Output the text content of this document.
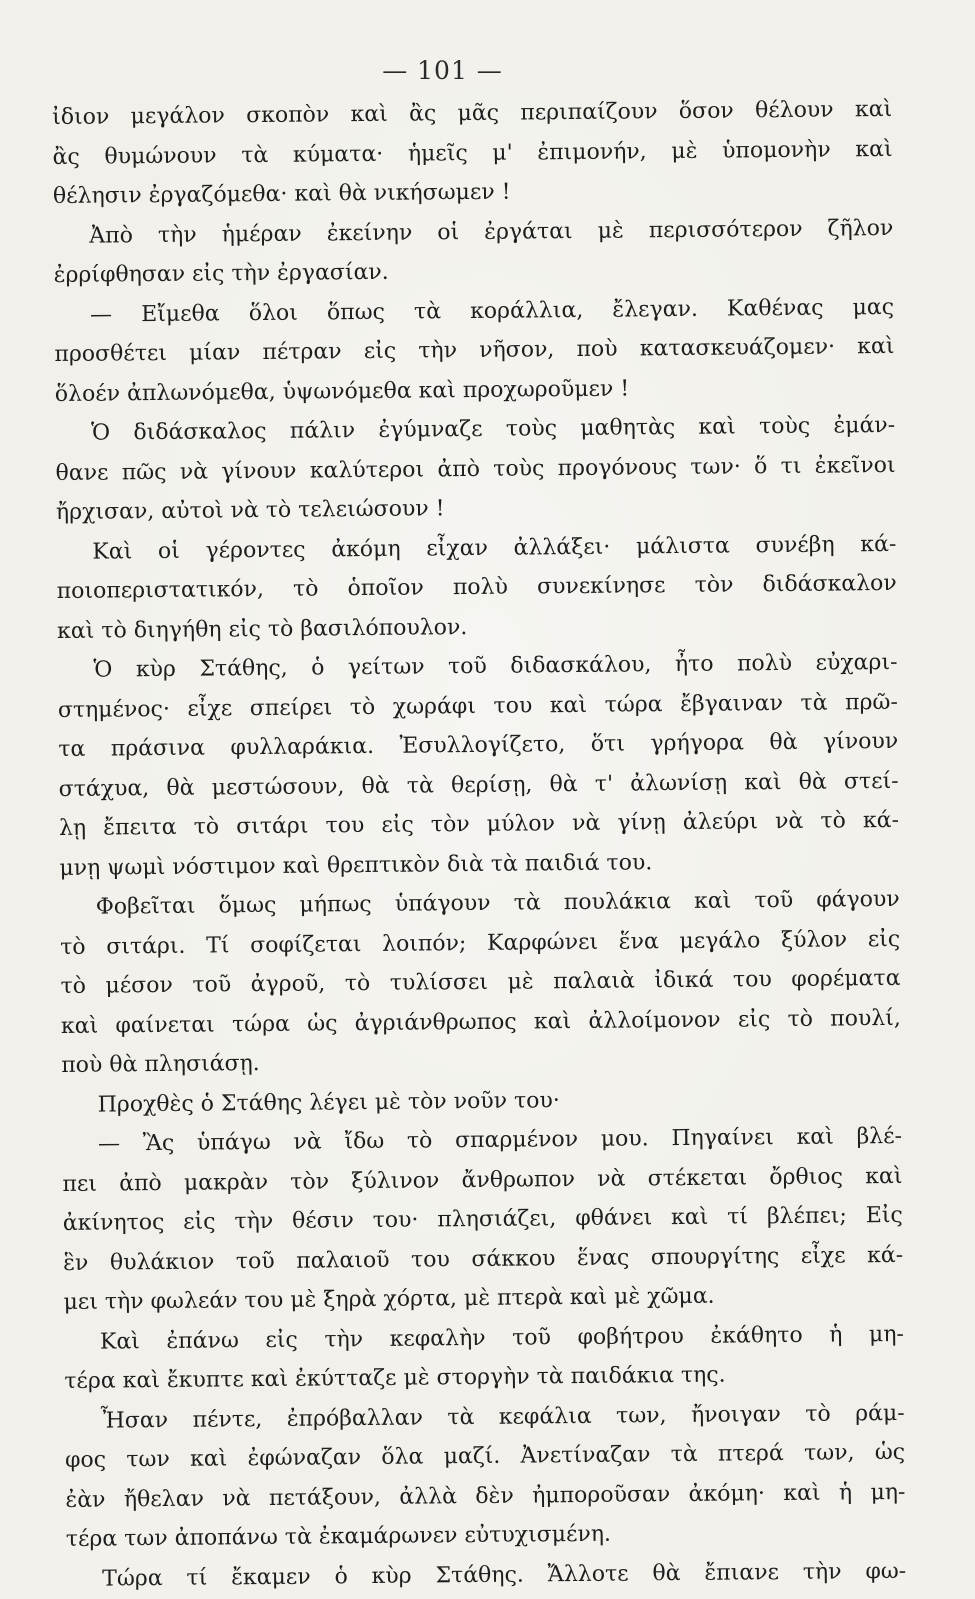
— 101 —
ἰδιον μεγάλον σκοπὸν καὶ ἂς μᾶς περιπαίζουν ὅσον θέλουν καὶ
ἂς θυμώνουν τὰ κύματα· ἡμεῖς μ' ἐπιμονήν, μὲ ὑπομονὴν καὶ
θέλησιν ἐργαζόμεθα· καὶ θὰ νικήσωμεν !
Ἀπὸ τὴν ἡμέραν ἐκείνην οἱ ἐργάται μὲ περισσότερον ζῆλον
ἐρρίφθησαν εἰς τὴν ἐργασίαν.
— Εἴμεθα ὅλοι ὅπως τὰ κοράλλια, ἔλεγαν. Καθένας μας
προσθέτει μίαν πέτραν εἰς τὴν νῆσον, ποὺ κατασκευάζομεν· καὶ
ὅλοέν ἀπλωνόμεθα, ὑψωνόμεθα καὶ προχωροῦμεν !
Ὁ διδάσκαλος πάλιν ἐγύμναζε τοὺς μαθητὰς καὶ τοὺς ἐμάν-
θανε πῶς νὰ γίνουν καλύτεροι ἀπὸ τοὺς προγόνους των· ὅ τι ἐκεῖνοι
ἤρχισαν, αὐτοὶ νὰ τὸ τελειώσουν !
Καὶ οἱ γέροντες ἀκόμη εἶχαν ἀλλάξει· μάλιστα συνέβη κά-
ποιοπεριστατικόν, τὸ ὁποῖον πολὺ συνεκίνησε τὸν διδάσκαλον
καὶ τὸ διηγήθη εἰς τὸ βασιλόπουλον.
Ὁ κὺρ Στάθης, ὁ γείτων τοῦ διδασκάλου, ἦτο πολὺ εὐχαρι-
στημένος· εἶχε σπείρει τὸ χωράφι του καὶ τώρα ἔβγαιναν τὰ πρῶ-
τα πράσινα φυλλαράκια. Ἐσυλλογίζετο, ὅτι γρήγορα θὰ γίνουν
στάχυα, θὰ μεστώσουν, θὰ τὰ θερίσῃ, θὰ τ' ἀλωνίσῃ καὶ θὰ στεί-
λῃ ἔπειτα τὸ σιτάρι του εἰς τὸν μύλον νὰ γίνῃ ἀλεύρι νὰ τὸ κά-
μνῃ ψωμὶ νόστιμον καὶ θρεπτικὸν διὰ τὰ παιδιά του.
Φοβεῖται ὅμως μήπως ὑπάγουν τὰ πουλάκια καὶ τοῦ φάγουν
τὸ σιτάρι. Τί σοφίζεται λοιπόν; Καρφώνει ἕνα μεγάλο ξύλον εἰς
τὸ μέσον τοῦ ἀγροῦ, τὸ τυλίσσει μὲ παλαιὰ ἰδικά του φορέματα
καὶ φαίνεται τώρα ὡς ἀγριάνθρωπος καὶ ἀλλοίμονον εἰς τὸ πουλί,
ποὺ θὰ πλησιάσῃ.
Προχθὲς ὁ Στάθης λέγει μὲ τὸν νοῦν του·
— Ἂς ὑπάγω νὰ ἴδω τὸ σπαρμένον μου. Πηγαίνει καὶ βλέ-
πει ἀπὸ μακρὰν τὸν ξύλινον ἄνθρωπον νὰ στέκεται ὄρθιος καὶ
ἀκίνητος εἰς τὴν θέσιν του· πλησιάζει, φθάνει καὶ τί βλέπει; Εἰς
ἓν θυλάκιον τοῦ παλαιοῦ του σάκκου ἕνας σπουργίτης εἶχε κά-
μει τὴν φωλεάν του μὲ ξηρὰ χόρτα, μὲ πτερὰ καὶ μὲ χῶμα.
Καὶ ἐπάνω εἰς τὴν κεφαλὴν τοῦ φοβήτρου ἐκάθητο ἡ μη-
τέρα καὶ ἔκυπτε καὶ ἐκύτταζε μὲ στοργὴν τὰ παιδάκια της.
Ἦσαν πέντε, ἐπρόβαλλαν τὰ κεφάλια των, ἤνοιγαν τὸ ράμ-
φος των καὶ ἐφώναζαν ὅλα μαζί. Ἀνετίναζαν τὰ πτερά των, ὡς
ἐὰν ἤθελαν νὰ πετάξουν, ἀλλὰ δὲν ἠμποροῦσαν ἀκόμη· καὶ ἡ μη-
τέρα των ἀποπάνω τὰ ἐκαμάρωνεν εὐτυχισμένη.
Τώρα τί ἔκαμεν ὁ κὺρ Στάθης. Ἄλλοτε θὰ ἔπιανε τὴν φω-
